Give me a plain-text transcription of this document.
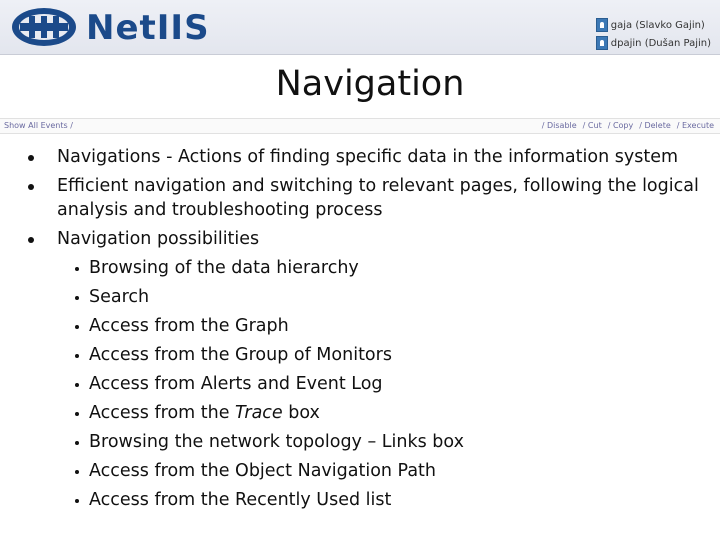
NetIIS	gaja (Slavko Gajin)
dpajin (Dušan Pajin)
Navigation
Show All Events /	/ Disable / Cut / Copy / Delete / Execute
Navigations - Actions of finding specific data in the information system
Efficient navigation and switching to relevant pages, following the logical analysis and troubleshooting process
Navigation possibilities
Browsing of the data hierarchy
Search
Access from the Graph
Access from the Group of Monitors
Access from Alerts and Event Log
Access from the Trace box
Browsing the network topology – Links box
Access from the Object Navigation Path
Access from the Recently Used list
